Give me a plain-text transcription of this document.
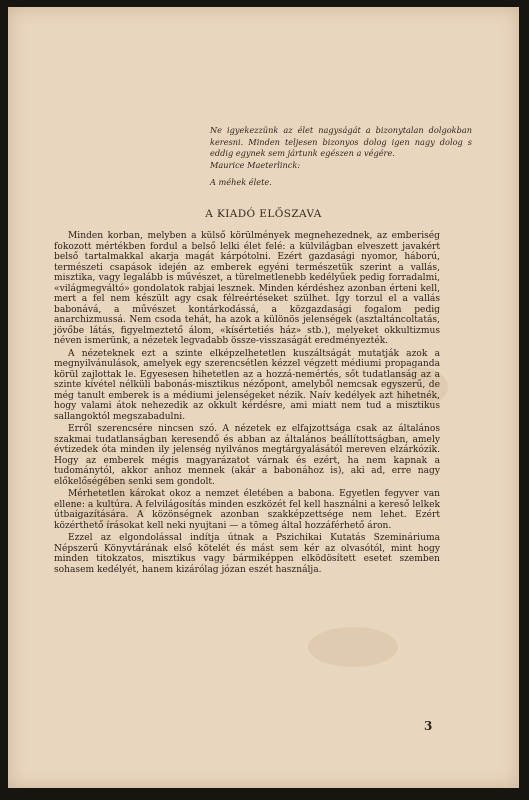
Ne igyekezzünk az élet nagyságát a bizonytalan dolgokban keresni. Minden teljesen bizonyos dolog igen nagy dolog s eddig egynek sem jártunk egészen a végére.
Maurice Maeterlinck:
A méhek élete.
A KIADÓ ELŐSZAVA

Minden korban, melyben a külső körülmények megnehezednek, az emberiség fokozott mértékben fordul a belső lelki élet felé: a külvilágban elveszett javakért belső tartalmakkal akarja magát kárpótolni. Ezért gazdasági nyomor, háború, természeti csapások idején az emberek egyéni természetük szerint a vallás, misztika, vagy legalább is művészet, a türelmetlenebb kedélyűek pedig forradalmi, «világmegváltó» gondolatok rabjai lesznek. Minden kérdéshez azonban érteni kell, mert a fel nem készült agy csak félreértéseket szülhet. Így torzul el a vallás babonává, a művészet kontárkodássá, a közgazdasági fogalom pedig anarchizmussá. Nem csoda tehát, ha azok a különös jelenségek (asztaltáncoltatás, jövőbe látás, figyelmeztető álom, «kísértetiés ház» stb.), melyeket okkultizmus néven ismerünk, a nézetek legvadabb össze-visszaságát eredményezték.

A nézeteknek ezt a szinte elképzelhetetlen kuszáltságát mutatják azok a megnyilvánulások, amelyek egy szerencsétlen kézzel végzett médiumi propaganda körül zajlottak le. Egyesesen hihetetlen az a hozzá-nemértés, sőt tudatlanság az a szinte kívétel nélküli babonás-misztikus nézőpont, amelyből nemcsak egyszerű, de még tanult emberek is a médiumi jelenségeket nézik. Naív kedélyek azt hihetnék, hogy valami átok nehezedik az okkult kérdésre, ami miatt nem tud a misztikus sallangoktól megszabadulni.

Erről szerencsére nincsen szó. A nézetek ez elfajzottsága csak az általános szakmai tudatlanságban keresendő és abban az általános beállítottságban, amely évtizedek óta minden ily jelenség nyilvános megtárgyalásától mereven elzárkózik. Hogy az emberek mégis magyarázatot várnak és ezért, ha nem kapnak a tudománytól, akkor anhoz mennek (akár a babonához is), aki ad, erre nagy előkelőségében senki sem gondolt.

Mérhetetlen károkat okoz a nemzet életében a babona. Egyetlen fegyver van ellene: a kultúra. A felvilágosítás minden eszközét fel kell használni a kereső lelkek útbaigazítására. A közönségnek azonban szakképzettsége nem lehet. Ezért közérthető írásokat kell neki nyujtani — a tömeg által hozzáférhető áron.

Ezzel az elgondolással indítja útnak a Pszichikai Kutatás Szemináriuma Népszerű Könyvtárának első kötelét és mást sem kér az olvasótól, mint hogy minden titokzatos, misztikus vagy bármiképpen elködösített esetet szemben sohasem kedélyét, hanem kizárólag józan eszét használja.

3
